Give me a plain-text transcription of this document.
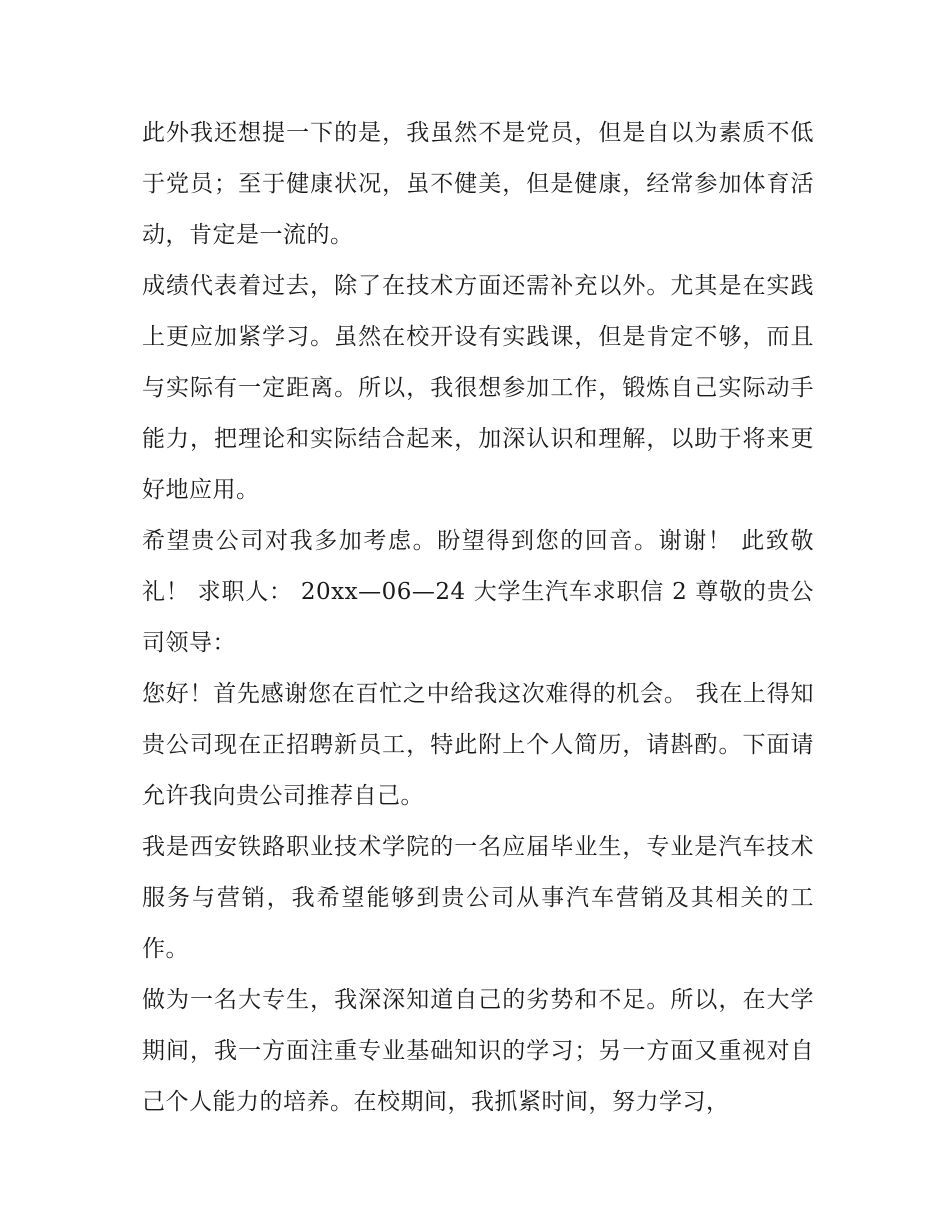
此外我还想提一下的是，我虽然不是党员，但是自以为素质不低于党员；至于健康状况，虽不健美，但是健康，经常参加体育活动，肯定是一流的。

成绩代表着过去，除了在技术方面还需补充以外。尤其是在实践上更应加紧学习。虽然在校开设有实践课，但是肯定不够，而且与实际有一定距离。所以，我很想参加工作，锻炼自己实际动手能力，把理论和实际结合起来，加深认识和理解，以助于将来更好地应用。

希望贵公司对我多加考虑。盼望得到您的回音。谢谢！ 此致敬礼！ 求职人： 20xx—06—24 大学生汽车求职信 2 尊敬的贵公司领导：

您好！首先感谢您在百忙之中给我这次难得的机会。 我在上得知贵公司现在正招聘新员工，特此附上个人简历，请斟酌。下面请允许我向贵公司推荐自己。

我是西安铁路职业技术学院的一名应届毕业生，专业是汽车技术服务与营销，我希望能够到贵公司从事汽车营销及其相关的工作。

做为一名大专生，我深深知道自己的劣势和不足。所以，在大学期间，我一方面注重专业基础知识的学习；另一方面又重视对自己个人能力的培养。在校期间，我抓紧时间，努力学习，
